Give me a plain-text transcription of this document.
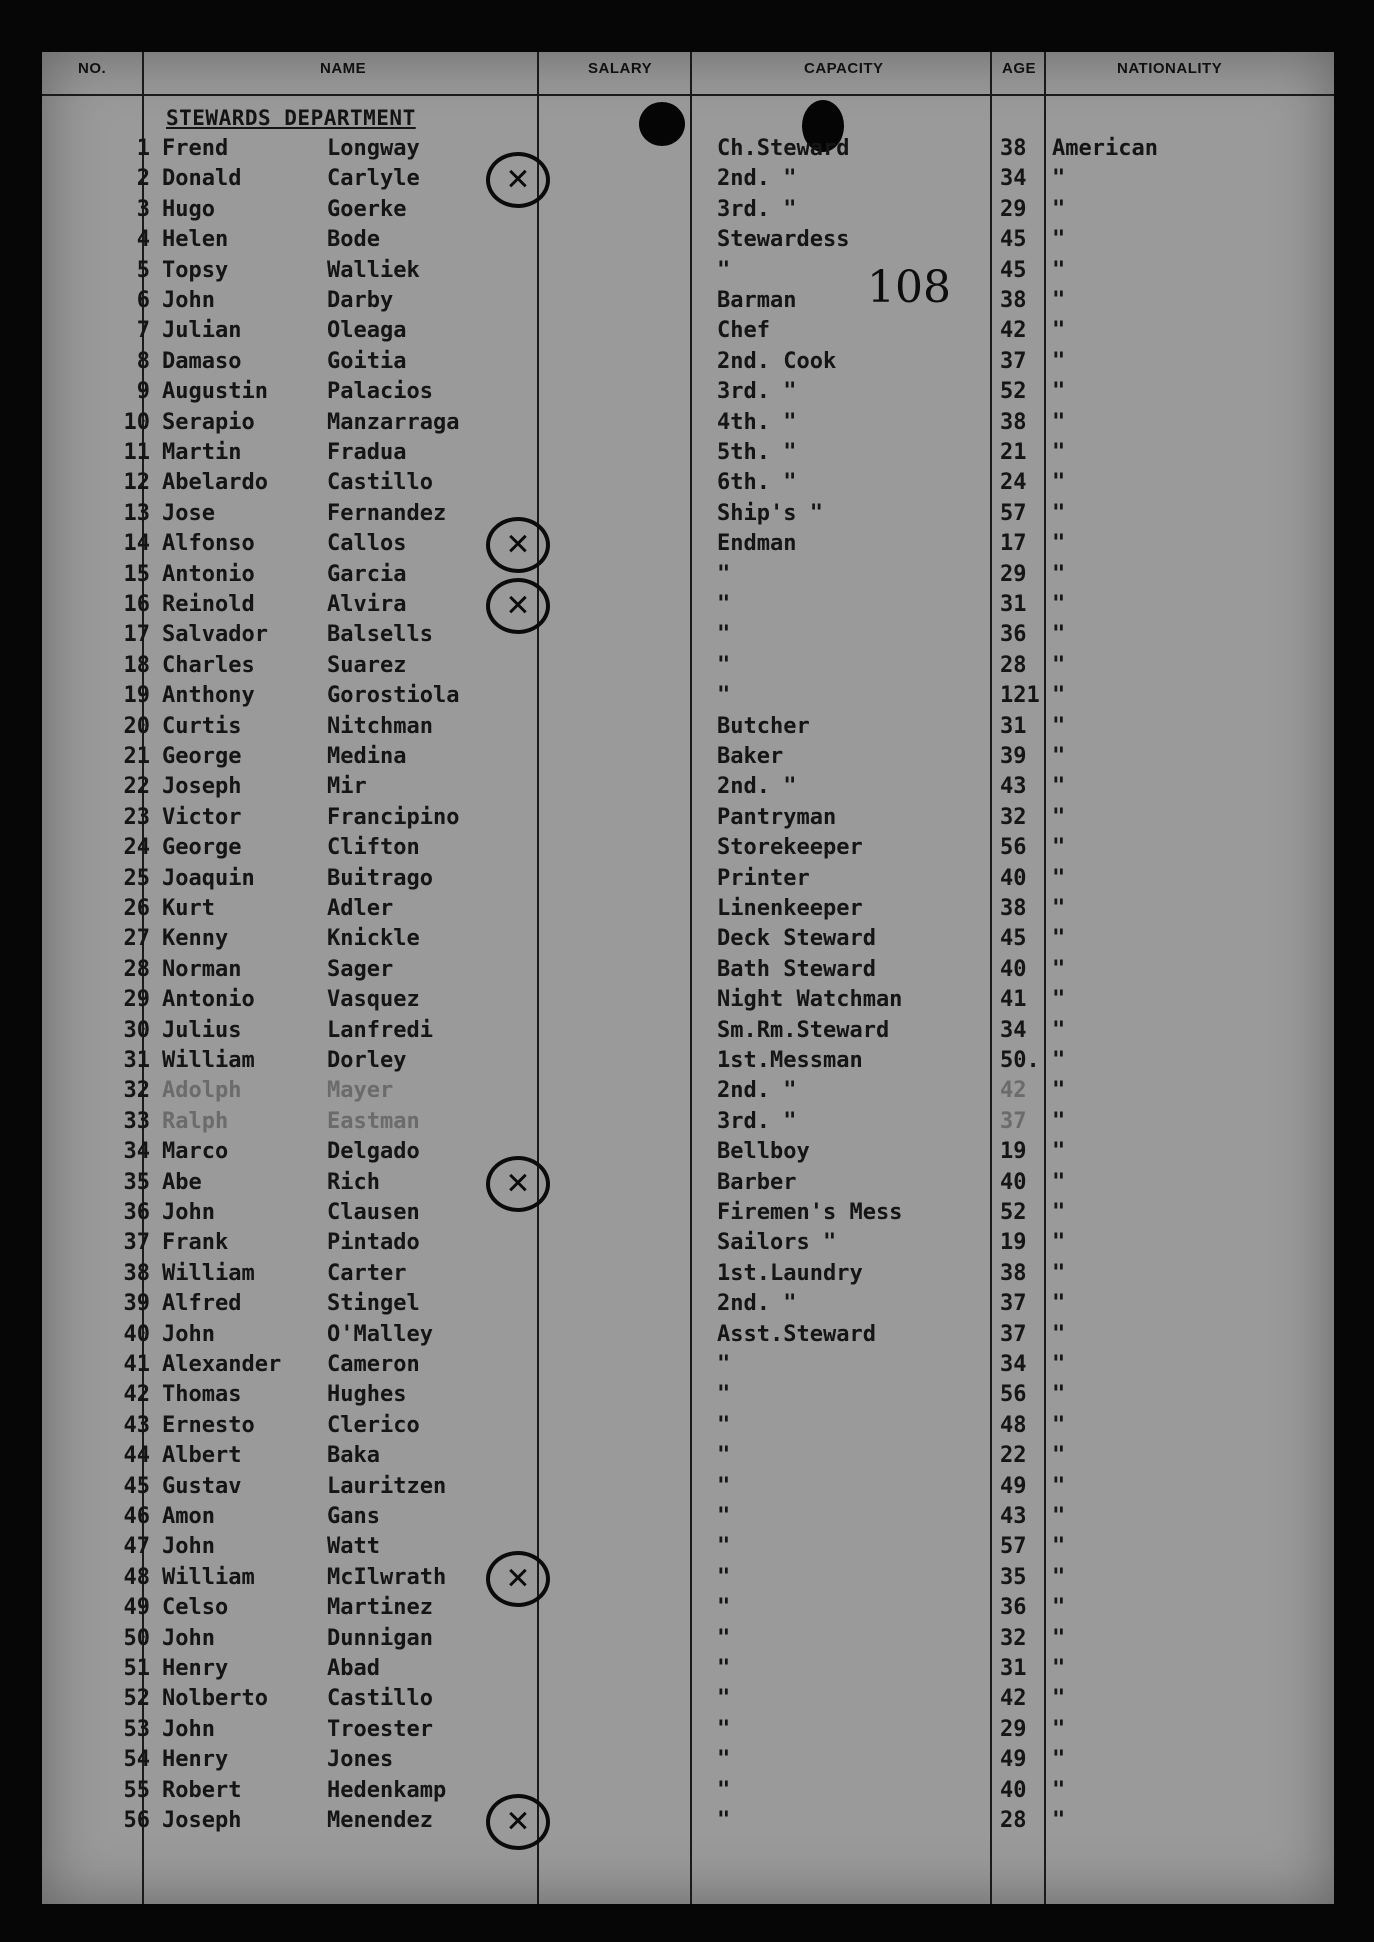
NO.	NAME	SALARY	CAPACITY	AGE	NATIONALITY
STEWARDS DEPARTMENT
108
1 Frend	Longway	Ch.Steward	38 American
2 Donald	Carlyle	2nd. "	34 "
3 Hugo	Goerke	3rd. "	29 "
4 Helen	Bode	Stewardess	45 "
5 Topsy	Walliek	"	45 "
6 John	Darby	Barman	38 "
7 Julian	Oleaga	Chef	42 "
8 Damaso	Goitia	2nd. Cook	37 "
9 Augustin	Palacios	3rd. "	52 "
10 Serapio	Manzarraga	4th. "	38 "
11 Martin	Fradua	5th. "	21 "
12 Abelardo	Castillo	6th. "	24 "
13 Jose	Fernandez	Ship's "	57 "
14 Alfonso	Callos	Endman	17 "
15 Antonio	Garcia	"	29 "
16 Reinold	Alvira	"	31 "
17 Salvador	Balsells	"	36 "
18 Charles	Suarez	"	28 "
19 Anthony	Gorostiola	"	121 "
20 Curtis	Nitchman	Butcher	31 "
21 George	Medina	Baker	39 "
22 Joseph	Mir	2nd. "	43 "
23 Victor	Francipino	Pantryman	32 "
24 George	Clifton	Storekeeper	56 "
25 Joaquin	Buitrago	Printer	40 "
26 Kurt	Adler	Linenkeeper	38 "
27 Kenny	Knickle	Deck Steward	45 "
28 Norman	Sager	Bath Steward	40 "
29 Antonio	Vasquez	Night Watchman	41 "
30 Julius	Lanfredi	Sm.Rm.Steward	34 "
31 William	Dorley	1st.Messman	50. "
32 Adolph	Mayer	2nd. "	42 "
33 Ralph	Eastman	3rd. "	37 "
34 Marco	Delgado	Bellboy	19 "
35 Abe	Rich	Barber	40 "
36 John	Clausen	Firemen's Mess	52 "
37 Frank	Pintado	Sailors "	19 "
38 William	Carter	1st.Laundry	38 "
39 Alfred	Stingel	2nd. "	37 "
40 John	O'Malley	Asst.Steward	37 "
41 Alexander Cameron	"	34 "
42 Thomas	Hughes	"	56 "
43 Ernesto	Clerico	"	48 "
44 Albert	Baka	"	22 "
45 Gustav	Lauritzen	"	49 "
46 Amon	Gans	"	43 "
47 John	Watt	"	57 "
48 William	McIlwrath	"	35 "
49 Celso	Martinez	"	36 "
50 John	Dunnigan	"	32 "
51 Henry	Abad	"	31 "
52 Nolberto	Castillo	"	42 "
53 John	Troester	"	29 "
54 Henry	Jones	"	49 "
55 Robert	Hedenkamp	"	40 "
56 Joseph	Menendez	"	28 "
✕
✕
✕
✕
✕
✕
